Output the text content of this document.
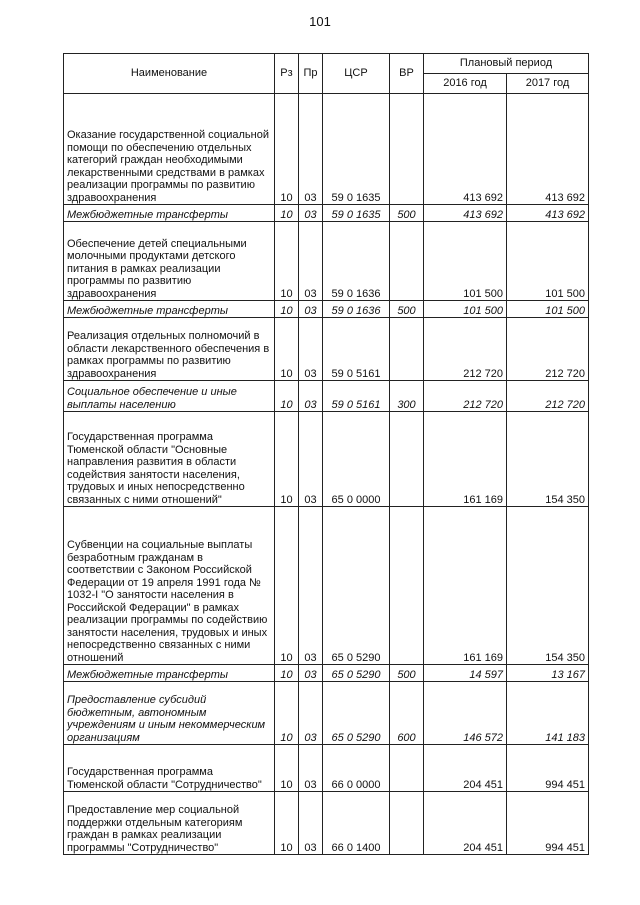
101
Наименование	Рз	Пр	ЦСР	ВР	Плановый период	
					2016 год	2017 год
Оказание государственной социальной помощи по обеспечению отдельных категорий граждан необходимыми лекарственными средствами в рамках реализации программы по развитию здравоохранения	10	03	59 0 1635		413 692	413 692
Межбюджетные трансферты	10	03	59 0 1635	500	413 692	413 692
Обеспечение детей специальными молочными продуктами детского питания в рамках реализации программы по развитию здравоохранения	10	03	59 0 1636		101 500	101 500
Межбюджетные трансферты	10	03	59 0 1636	500	101 500	101 500
Реализация отдельных полномочий в области лекарственного обеспечения в рамках программы по развитию здравоохранения	10	03	59 0 5161		212 720	212 720
Социальное обеспечение и иные выплаты населению	10	03	59 0 5161	300	212 720	212 720
Государственная программа Тюменской области "Основные направления развития в области содействия занятости населения, трудовых и иных непосредственно связанных с ними отношений"	10	03	65 0 0000		161 169	154 350
Субвенции на социальные выплаты безработным гражданам в соответствии с Законом Российской Федерации от 19 апреля 1991 года № 1032-I "О занятости населения в Российской Федерации" в рамках реализации программы по содействию занятости населения, трудовых и иных непосредственно связанных с ними отношений	10	03	65 0 5290		161 169	154 350
Межбюджетные трансферты	10	03	65 0 5290	500	14 597	13 167
Предоставление субсидий бюджетным, автономным учреждениям и иным некоммерческим организациям	10	03	65 0 5290	600	146 572	141 183
Государственная программа Тюменской области "Сотрудничество"	10	03	66 0 0000		204 451	994 451
Предоставление мер социальной поддержки отдельным категориям граждан в рамках реализации программы "Сотрудничество"	10	03	66 0 1400		204 451	994 451
